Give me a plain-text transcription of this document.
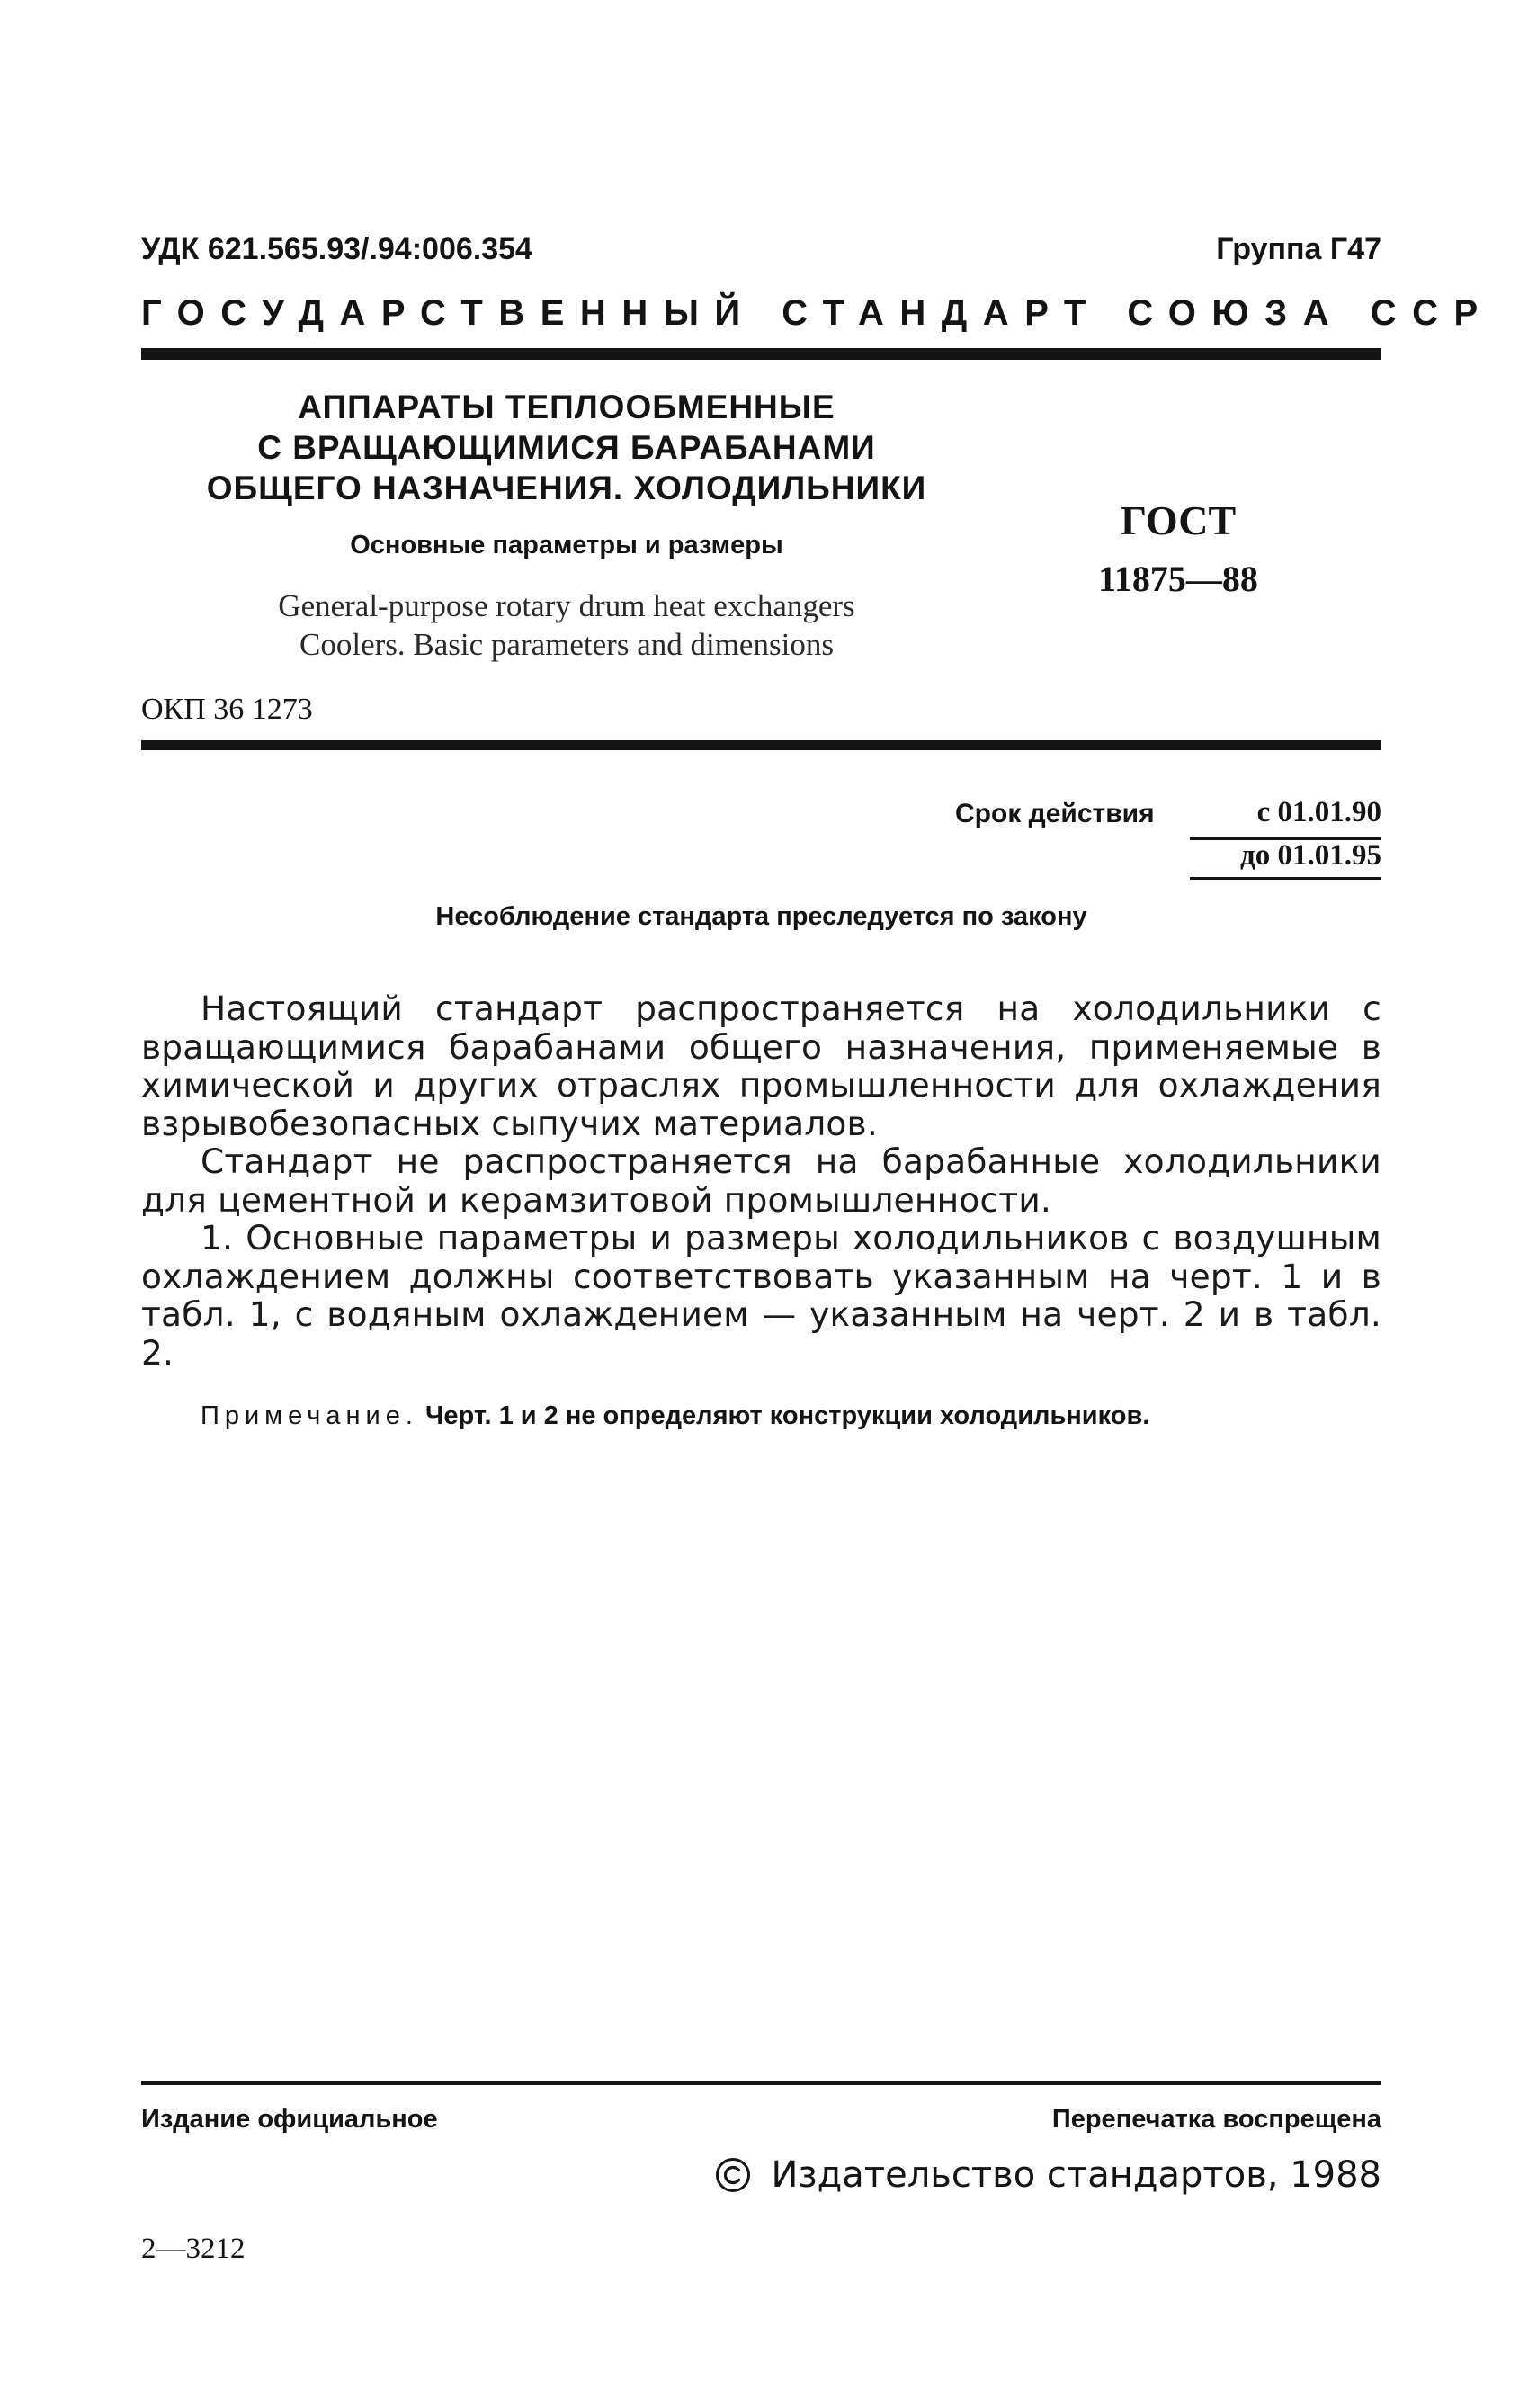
УДК 621.565.93/.94:006.354	Группа Г47
ГОСУДАРСТВЕННЫЙ СТАНДАРТ СОЮЗА ССР
АППАРАТЫ ТЕПЛООБМЕННЫЕ
С ВРАЩАЮЩИМИСЯ БАРАБАНАМИ
ОБЩЕГО НАЗНАЧЕНИЯ. ХОЛОДИЛЬНИКИ
Основные параметры и размеры
General-purpose rotary drum heat exchangers
Coolers. Basic parameters and dimensions
ГОСТ
11875—88
ОКП 36 1273
Срок действия	с 01.01.90
до 01.01.95
Несоблюдение стандарта преследуется по закону

Настоящий стандарт распространяется на холодильники с вращающимися барабанами общего назначения, применяемые в химической и других отраслях промышленности для охлаждения взрывобезопасных сыпучих материалов.

Стандарт не распространяется на барабанные холодильники для цементной и керамзитовой промышленности.

1. Основные параметры и размеры холодильников с воздушным охлаждением должны соответствовать указанным на черт. 1 и в табл. 1, с водяным охлаждением — указанным на черт. 2 и в табл. 2.

Примечание. Черт. 1 и 2 не определяют конструкции холодильников.
Издание официальное	Перепечатка воспрещена
Издательство стандартов, 1988
2—3212
